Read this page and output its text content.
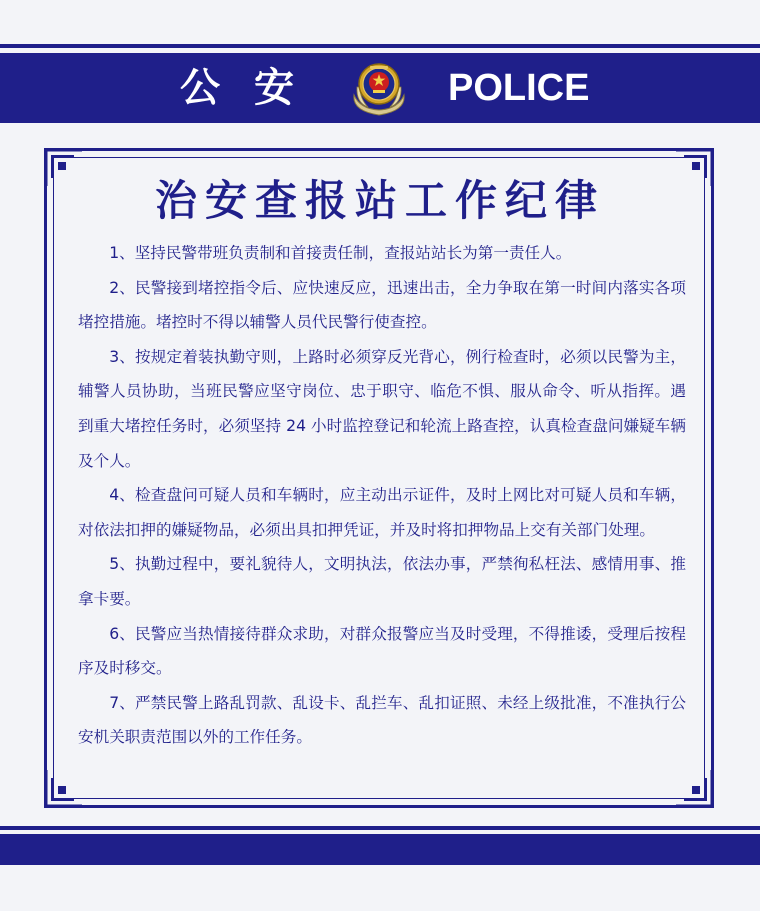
公安	POLICE
治安查报站工作纪律

1、坚持民警带班负责制和首接责任制，查报站站长为第一责任人。

2、民警接到堵控指令后、应快速反应，迅速出击，全力争取在第一时间内落实各项堵控措施。堵控时不得以辅警人员代民警行使查控。

3、按规定着装执勤守则，上路时必须穿反光背心，例行检查时，必须以民警为主，辅警人员协助，当班民警应坚守岗位、忠于职守、临危不惧、服从命令、听从指挥。遇到重大堵控任务时，必须坚持 24 小时监控登记和轮流上路查控，认真检查盘问嫌疑车辆及个人。

4、检查盘问可疑人员和车辆时，应主动出示证件，及时上网比对可疑人员和车辆，对依法扣押的嫌疑物品，必须出具扣押凭证，并及时将扣押物品上交有关部门处理。

5、执勤过程中，要礼貌待人，文明执法，依法办事，严禁徇私枉法、感情用事、推拿卡要。

6、民警应当热情接待群众求助，对群众报警应当及时受理，不得推诿，受理后按程序及时移交。

7、严禁民警上路乱罚款、乱设卡、乱拦车、乱扣证照、未经上级批准，不准执行公安机关职责范围以外的工作任务。
